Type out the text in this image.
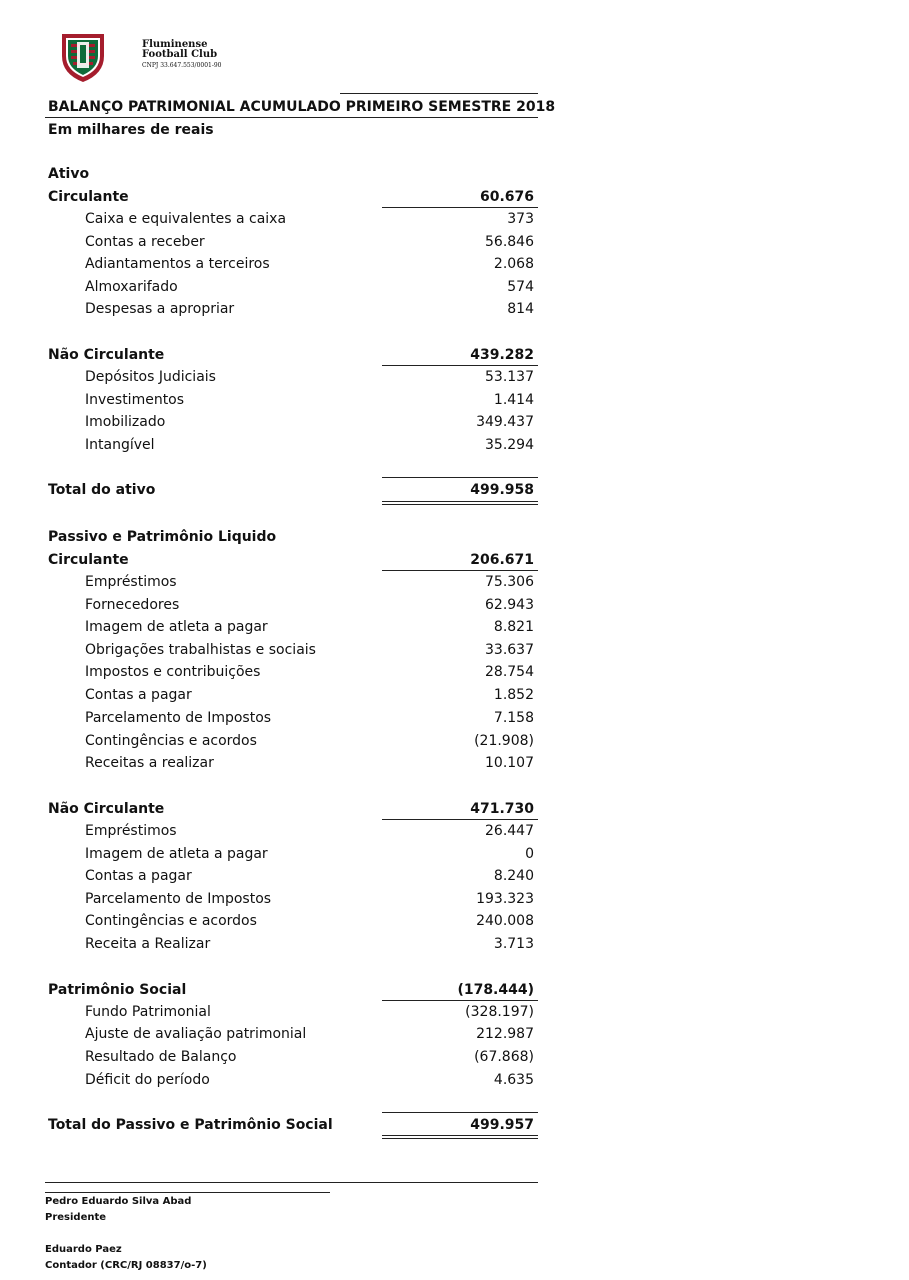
Fluminense
Football Club
CNPJ 33.647.553/0001-90
BALANÇO PATRIMONIAL ACUMULADO PRIMEIRO SEMESTRE 2018
Em milhares de reais
Ativo
Circulante	60.676
Caixa e equivalentes a caixa	373
Contas a receber	56.846
Adiantamentos a terceiros	2.068
Almoxarifado	574
Despesas a apropriar	814
Não Circulante	439.282
Depósitos Judiciais	53.137
Investimentos	1.414
Imobilizado	349.437
Intangível	35.294
Total do ativo	499.958
Passivo e Patrimônio Liquido
Circulante	206.671
Empréstimos	75.306
Fornecedores	62.943
Imagem de atleta a pagar	8.821
Obrigações trabalhistas e sociais	33.637
Impostos e contribuições	28.754
Contas a pagar	1.852
Parcelamento de Impostos	7.158
Contingências e acordos	(21.908)
Receitas a realizar	10.107
Não Circulante	471.730
Empréstimos	26.447
Imagem de atleta a pagar	0
Contas a pagar	8.240
Parcelamento de Impostos	193.323
Contingências e acordos	240.008
Receita a Realizar	3.713
Patrimônio Social	(178.444)
Fundo Patrimonial	(328.197)
Ajuste de avaliação patrimonial	212.987
Resultado de Balanço	(67.868)
Déficit do período	4.635
Total do Passivo e Patrimônio Social	499.957
Pedro Eduardo Silva Abad
Presidente
Eduardo Paez
Contador (CRC/RJ 08837/o-7)
